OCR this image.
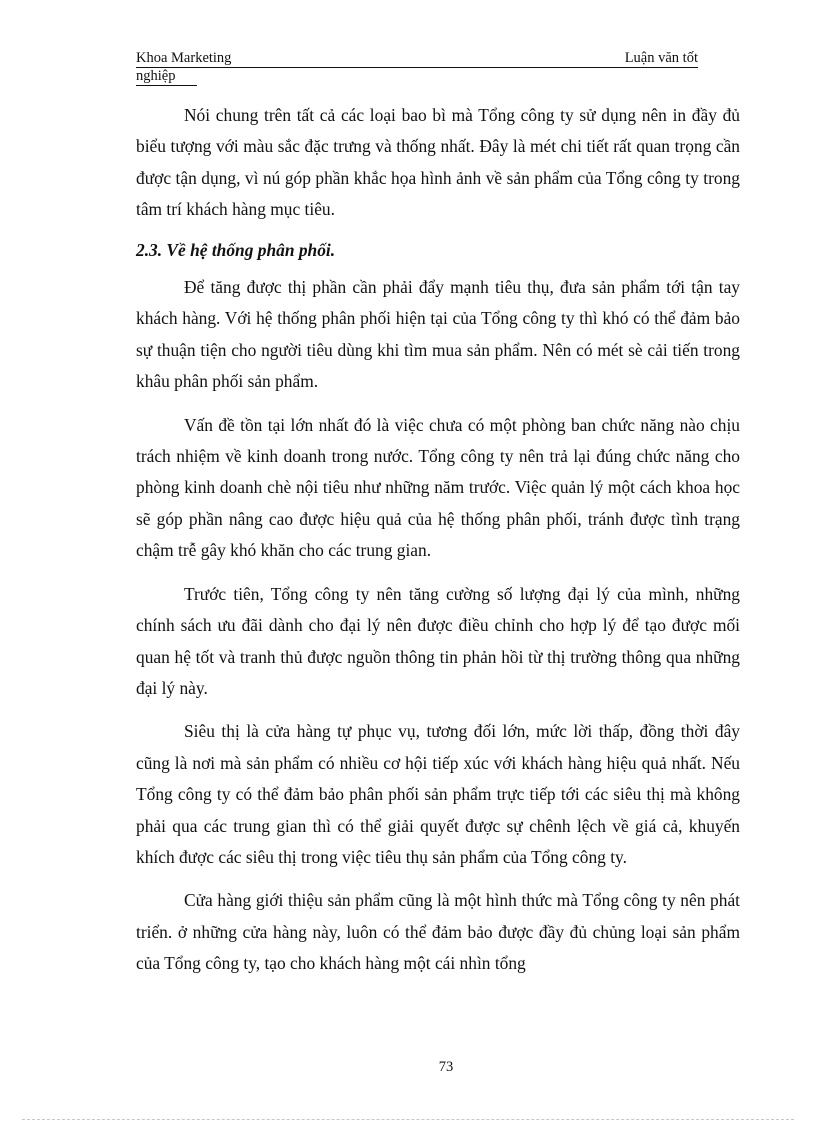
Khoa Marketing	Luận văn tốt
nghiệp

Nói chung trên tất cả các loại bao bì mà Tổng công ty sử dụng nên in đầy đủ biểu tượng với màu sắc đặc trưng và thống nhất. Đây là mét chi tiết rất quan trọng cần được tận dụng, vì nú góp phần khắc họa hình ảnh về sản phẩm của Tổng công ty trong tâm trí khách hàng mục tiêu.

2.3. Về hệ thống phân phối.

Để tăng được thị phần cần phải đẩy mạnh tiêu thụ, đưa sản phẩm tới tận tay khách hàng. Với hệ thống phân phối hiện tại của Tổng công ty thì khó có thể đảm bảo sự thuận tiện cho người tiêu dùng khi tìm mua sản phẩm. Nên có mét sè cải tiến trong khâu phân phối sản phẩm.

Vấn đề tồn tại lớn nhất đó là việc chưa có một phòng ban chức năng nào chịu trách nhiệm về kinh doanh trong nước. Tổng công ty nên trả lại đúng chức năng cho phòng kinh doanh chè nội tiêu như những năm trước. Việc quản lý một cách khoa học sẽ góp phần nâng cao được hiệu quả của hệ thống phân phối, tránh được tình trạng chậm trễ gây khó khăn cho các trung gian.

Trước tiên, Tổng công ty nên tăng cường số lượng đại lý của mình, những chính sách ưu đãi dành cho đại lý nên được điều chỉnh cho hợp lý để tạo được mối quan hệ tốt và tranh thủ được nguồn thông tin phản hồi từ thị trường thông qua những đại lý này.

Siêu thị là cửa hàng tự phục vụ, tương đối lớn, mức lời thấp, đồng thời đây cũng là nơi mà sản phẩm có nhiều cơ hội tiếp xúc với khách hàng hiệu quả nhất. Nếu Tổng công ty có thể đảm bảo phân phối sản phẩm trực tiếp tới các siêu thị mà không phải qua các trung gian thì có thể giải quyết được sự chênh lệch về giá cả, khuyến khích được các siêu thị trong việc tiêu thụ sản phẩm của Tổng công ty.

Cửa hàng giới thiệu sản phẩm cũng là một hình thức mà Tổng công ty nên phát triển. ở những cửa hàng này, luôn có thể đảm bảo được đầy đủ chủng loại sản phẩm của Tổng công ty, tạo cho khách hàng một cái nhìn tổng

73
